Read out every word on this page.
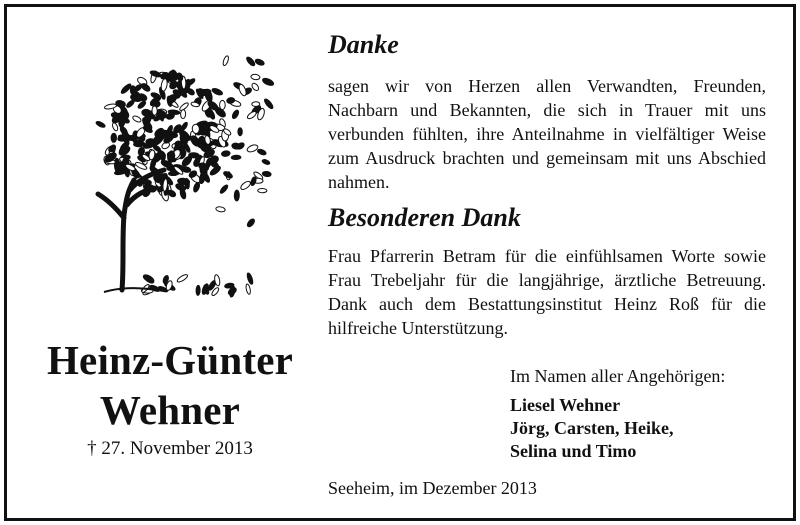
Heinz-Günter
Wehner
† 27. November 2013
Danke
sagen wir von Herzen allen Verwandten, Freunden, Nachbarn und Bekannten, die sich in Trauer mit uns verbunden fühlten, ihre Anteilnahme in vielfältiger Weise zum Ausdruck brachten und gemeinsam mit uns Abschied nahmen.
Besonderen Dank
Frau Pfarrerin Betram für die einfühlsamen Worte sowie Frau Trebeljahr für die langjährige, ärztliche Betreuung. Dank auch dem Bestattungsinstitut Heinz Roß für die hilfreiche Unterstützung.
Im Namen aller Angehörigen:
Liesel Wehner
Jörg, Carsten, Heike,
Selina und Timo
Seeheim, im Dezember 2013
